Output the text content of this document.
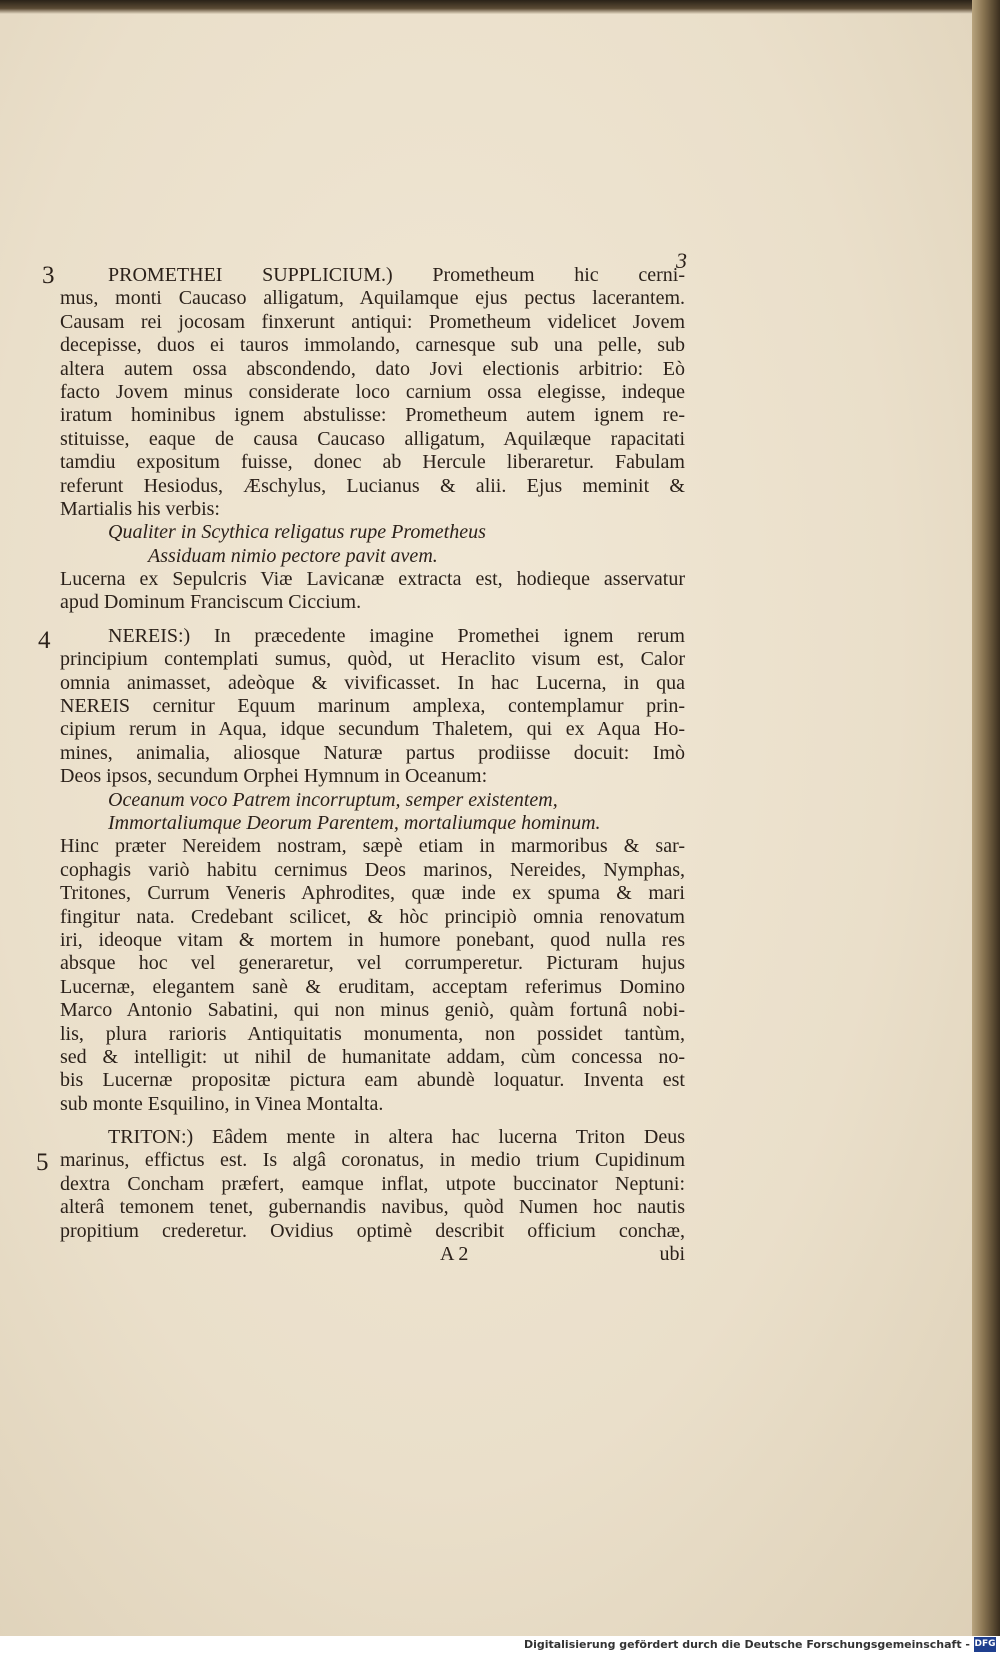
3
3
4
5
PROMETHEI SUPPLICIUM.) Prometheum hic cerni-
mus, monti Caucaso alligatum, Aquilamque ejus pectus lacerantem.
Causam rei jocosam finxerunt antiqui: Prometheum videlicet Jovem
decepisse, duos ei tauros immolando, carnesque sub una pelle, sub
altera autem ossa abscondendo, dato Jovi electionis arbitrio: Eò
facto Jovem minus considerate loco carnium ossa elegisse, indeque
iratum hominibus ignem abstulisse: Prometheum autem ignem re-
stituisse, eaque de causa Caucaso alligatum, Aquilæque rapacitati
tamdiu expositum fuisse, donec ab Hercule liberaretur. Fabulam
referunt Hesiodus, Æschylus, Lucianus & alii. Ejus meminit &
Martialis his verbis:
Qualiter in Scythica religatus rupe Prometheus
Assiduam nimio pectore pavit avem.
Lucerna ex Sepulcris Viæ Lavicanæ extracta est, hodieque asservatur
apud Dominum Franciscum Ciccium.
NEREIS:) In præcedente imagine Promethei ignem rerum
principium contemplati sumus, quòd, ut Heraclito visum est, Calor
omnia animasset, adeòque & vivificasset. In hac Lucerna, in qua
NEREIS cernitur Equum marinum amplexa, contemplamur prin-
cipium rerum in Aqua, idque secundum Thaletem, qui ex Aqua Ho-
mines, animalia, aliosque Naturæ partus prodiisse docuit: Imò
Deos ipsos, secundum Orphei Hymnum in Oceanum:
Oceanum voco Patrem incorruptum, semper existentem,
Immortaliumque Deorum Parentem, mortaliumque hominum.
Hinc præter Nereidem nostram, sæpè etiam in marmoribus & sar-
cophagis variò habitu cernimus Deos marinos, Nereides, Nymphas,
Tritones, Currum Veneris Aphrodites, quæ inde ex spuma & mari
fingitur nata. Credebant scilicet, & hòc principiò omnia renovatum
iri, ideoque vitam & mortem in humore ponebant, quod nulla res
absque hoc vel generaretur, vel corrumperetur. Picturam hujus
Lucernæ, elegantem sanè & eruditam, acceptam referimus Domino
Marco Antonio Sabatini, qui non minus geniò, quàm fortunâ nobi-
lis, plura rarioris Antiquitatis monumenta, non possidet tantùm,
sed & intelligit: ut nihil de humanitate addam, cùm concessa no-
bis Lucernæ propositæ pictura eam abundè loquatur. Inventa est
sub monte Esquilino, in Vinea Montalta.
TRITON:) Eâdem mente in altera hac lucerna Triton Deus
marinus, effictus est. Is algâ coronatus, in medio trium Cupidinum
dextra Concham præfert, eamque inflat, utpote buccinator Neptuni:
alterâ temonem tenet, gubernandis navibus, quòd Numen hoc nautis
propitium crederetur. Ovidius optimè describit officium conchæ,
A 2	ubi
Digitalisierung gefördert durch die Deutsche Forschungsgemeinschaft - DFG
